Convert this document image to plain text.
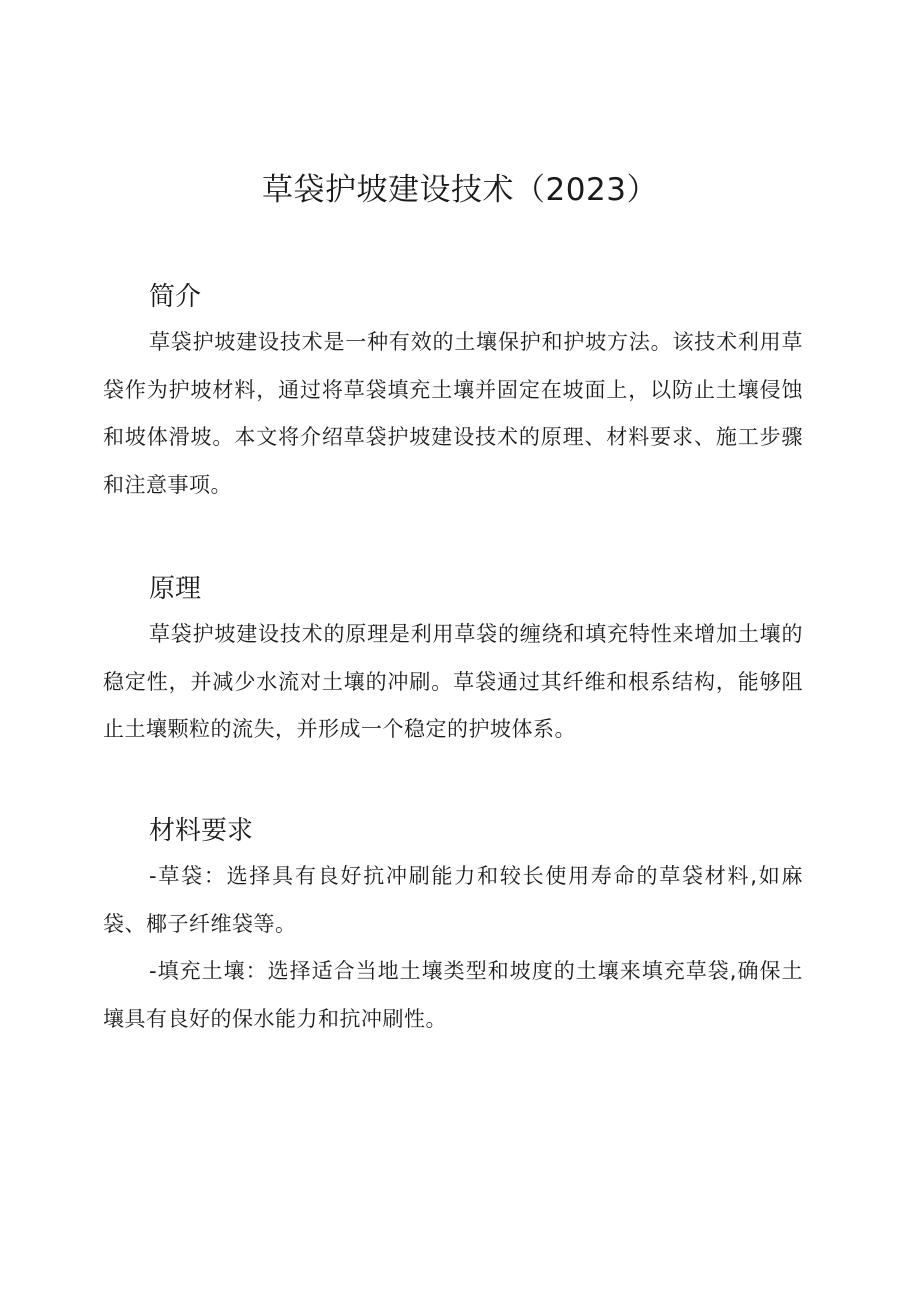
草袋护坡建设技术（2023）
简介

草袋护坡建设技术是一种有效的土壤保护和护坡方法。该技术利用草袋作为护坡材料，通过将草袋填充土壤并固定在坡面上，以防止土壤侵蚀和坡体滑坡。本文将介绍草袋护坡建设技术的原理、材料要求、施工步骤和注意事项。

原理

草袋护坡建设技术的原理是利用草袋的缠绕和填充特性来增加土壤的稳定性，并减少水流对土壤的冲刷。草袋通过其纤维和根系结构，能够阻止土壤颗粒的流失，并形成一个稳定的护坡体系。

材料要求

-草袋：选择具有良好抗冲刷能力和较长使用寿命的草袋材料,如麻袋、椰子纤维袋等。

-填充土壤：选择适合当地土壤类型和坡度的土壤来填充草袋,确保土壤具有良好的保水能力和抗冲刷性。
